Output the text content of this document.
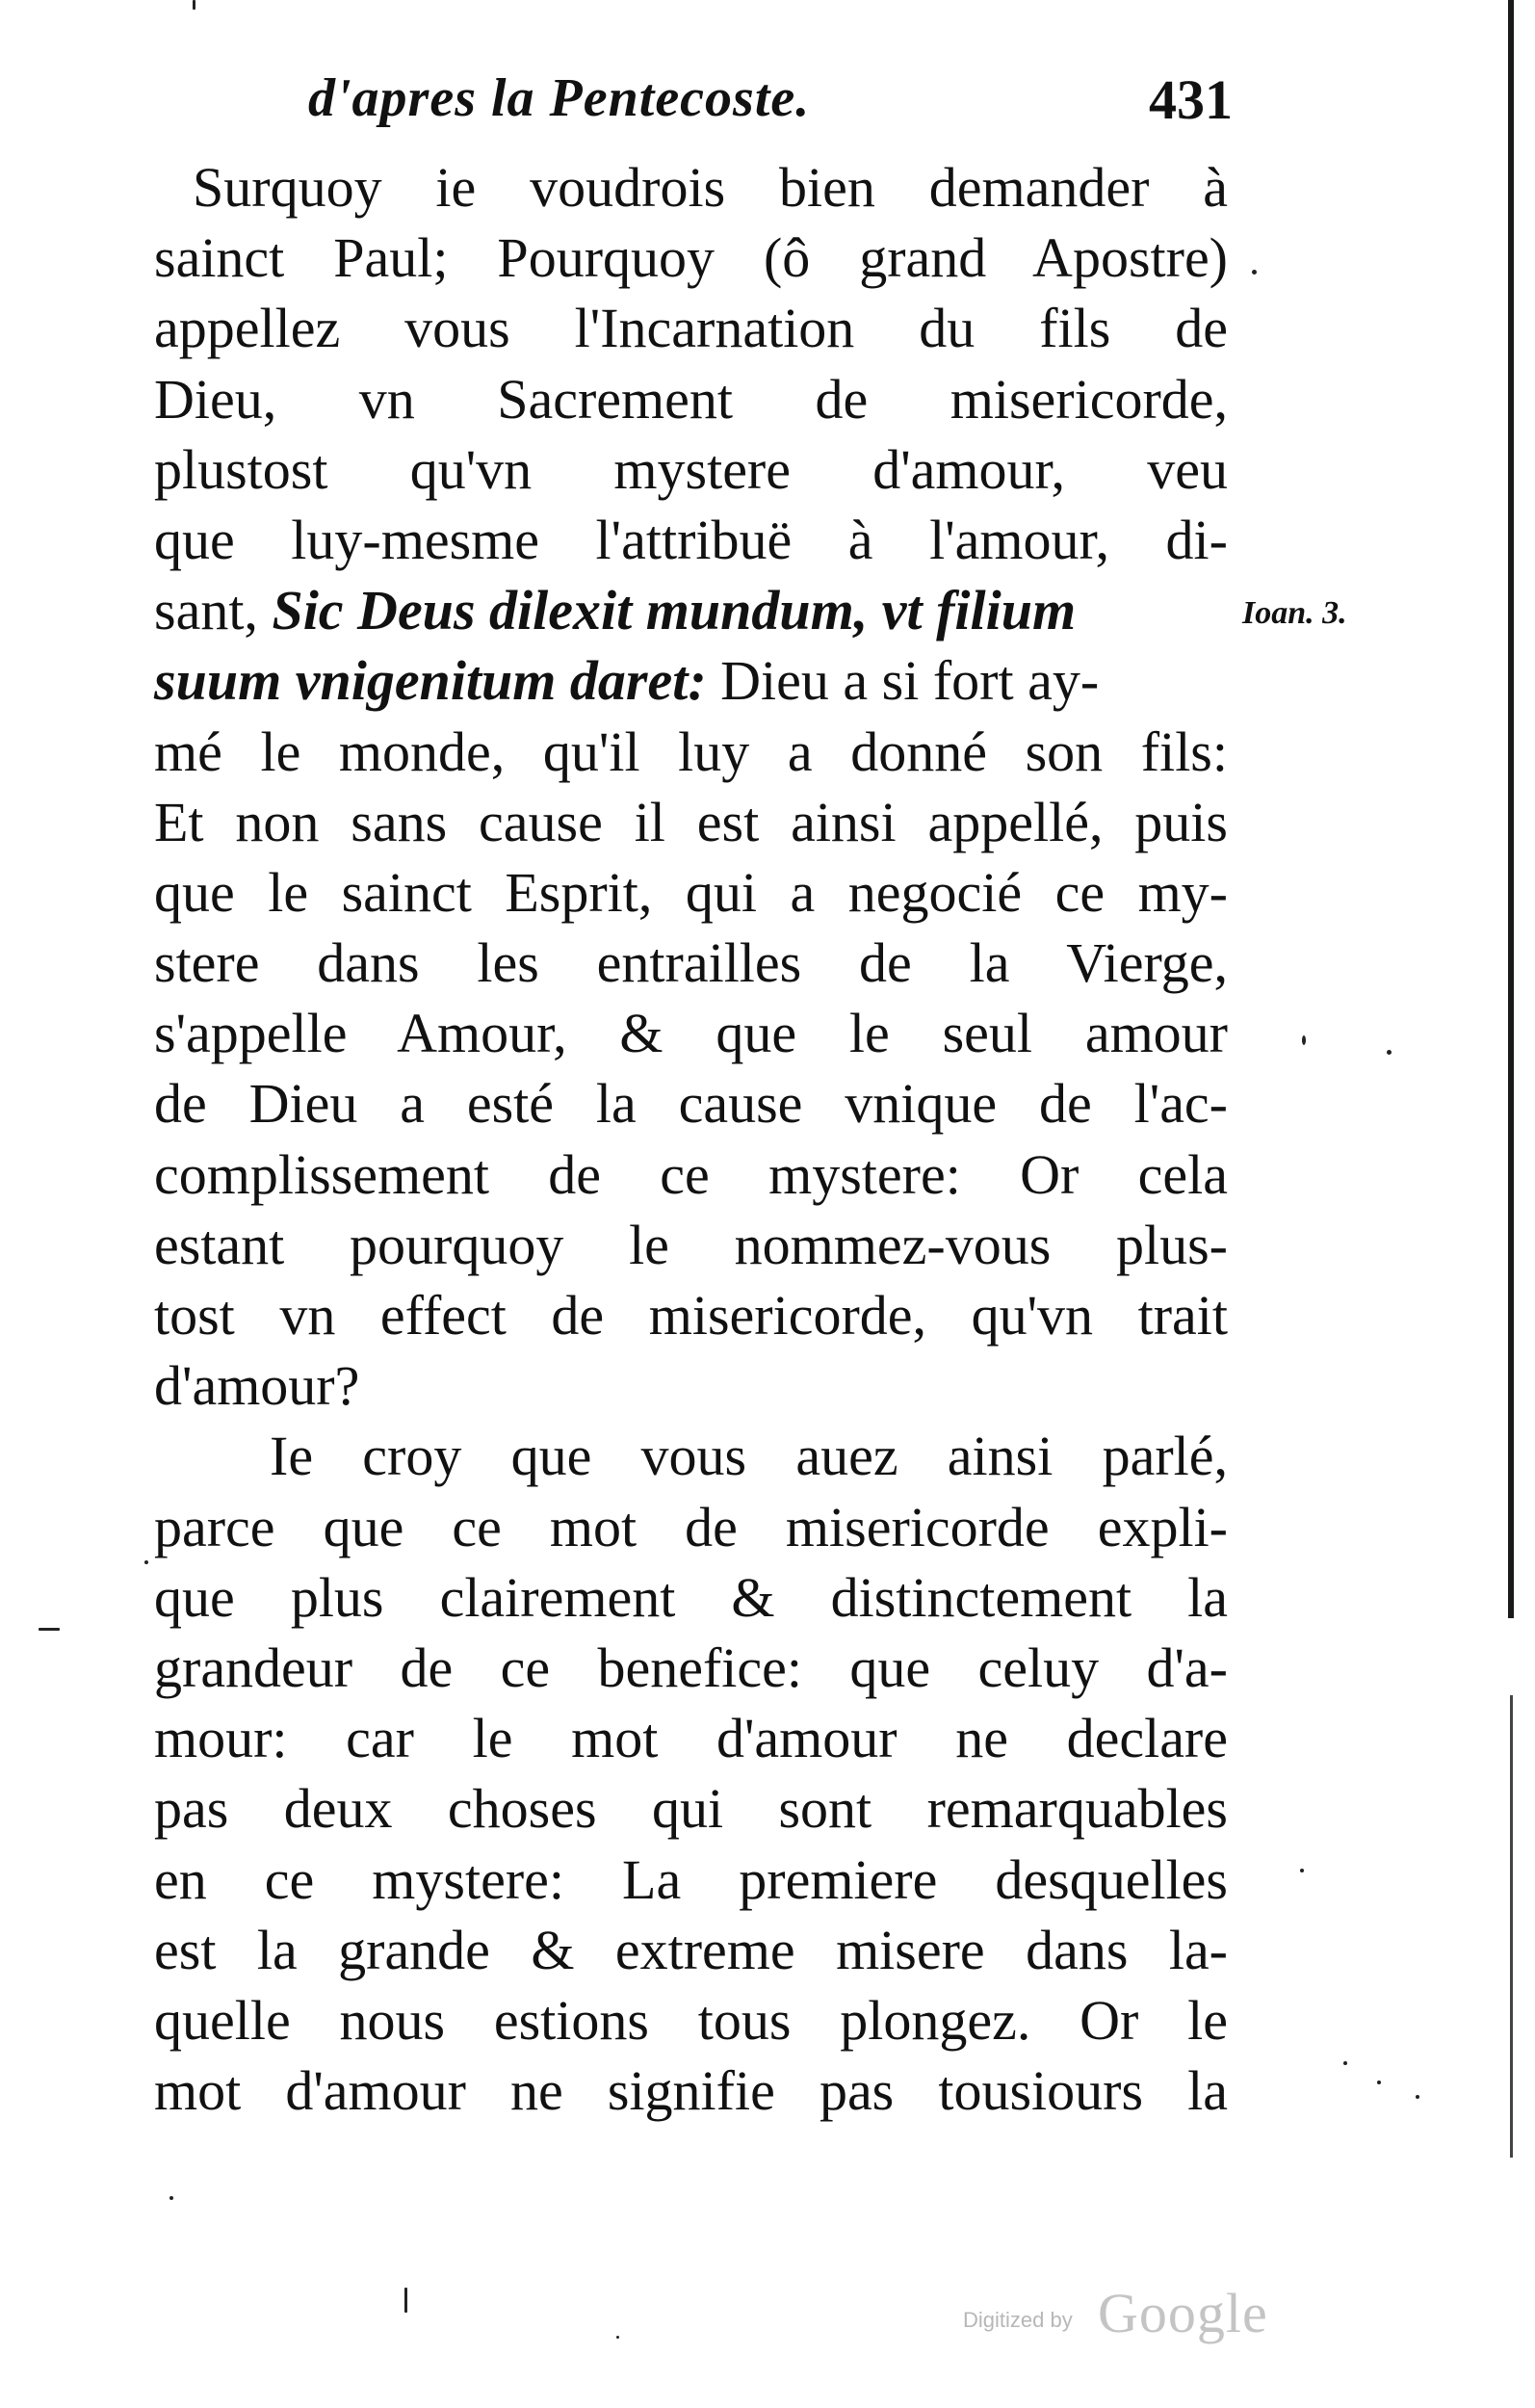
d'apres la Pentecoste.	431
Surquoy ie voudrois bien demander à
sainct Paul; Pourquoy (ô grand Apostre)
appellez vous l'Incarnation du fils de
Dieu, vn Sacrement de misericorde,
plustost qu'vn mystere d'amour, veu
que luy-mesme l'attribuë à l'amour, di-
sant, Sic Deus dilexit mundum, vt filium
suum vnigenitum daret: Dieu a si fort ay-
mé le monde, qu'il luy a donné son fils:
Et non sans cause il est ainsi appellé, puis
que le sainct Esprit, qui a negocié ce my-
stere dans les entrailles de la Vierge,
s'appelle Amour, & que le seul amour
de Dieu a esté la cause vnique de l'ac-
complissement de ce mystere: Or cela
estant pourquoy le nommez-vous plus-
tost vn effect de misericorde, qu'vn trait
d'amour?
Ie croy que vous auez ainsi parlé,
parce que ce mot de misericorde expli-
que plus clairement & distinctement la
grandeur de ce benefice: que celuy d'a-
mour: car le mot d'amour ne declare
pas deux choses qui sont remarquables
en ce mystere: La premiere desquelles
est la grande & extreme misere dans la-
quelle nous estions tous plongez. Or le
mot d'amour ne signifie pas tousiours la
Ioan. 3.
Digitized by Google
